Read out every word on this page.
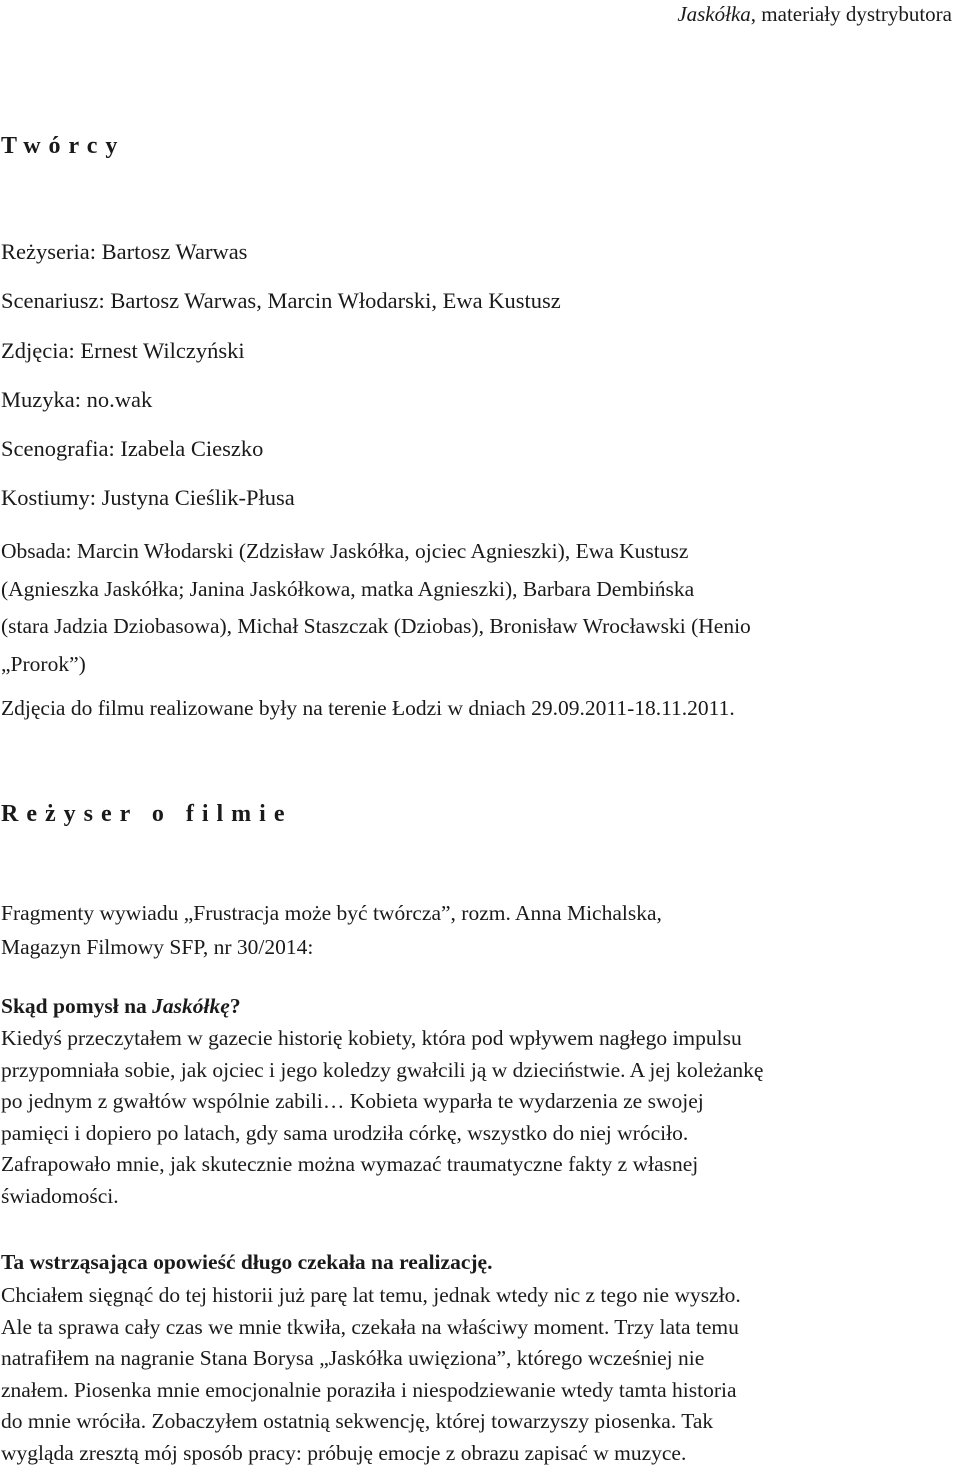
Jaskółka, materiały dystrybutora
Twórcy
Reżyseria: Bartosz Warwas
Scenariusz: Bartosz Warwas, Marcin Włodarski, Ewa Kustusz
Zdjęcia: Ernest Wilczyński
Muzyka: no.wak
Scenografia: Izabela Cieszko
Kostiumy: Justyna Cieślik-Płusa
Obsada: Marcin Włodarski (Zdzisław Jaskółka, ojciec Agnieszki), Ewa Kustusz
(Agnieszka Jaskółka; Janina Jaskółkowa, matka Agnieszki), Barbara Dembińska
(stara Jadzia Dziobasowa), Michał Staszczak (Dziobas), Bronisław Wrocławski (Henio
„Prorok”)
Zdjęcia do filmu realizowane były na terenie Łodzi w dniach 29.09.2011-18.11.2011.
Reżyser o filmie
Fragmenty wywiadu „Frustracja może być twórcza”, rozm. Anna Michalska,
Magazyn Filmowy SFP, nr 30/2014:
Skąd pomysł na Jaskółkę?
Kiedyś przeczytałem w gazecie historię kobiety, która pod wpływem nagłego impulsu
przypomniała sobie, jak ojciec i jego koledzy gwałcili ją w dzieciństwie. A jej koleżankę
po jednym z gwałtów wspólnie zabili… Kobieta wyparła te wydarzenia ze swojej
pamięci i dopiero po latach, gdy sama urodziła córkę, wszystko do niej wróciło.
Zafrapowało mnie, jak skutecznie można wymazać traumatyczne fakty z własnej
świadomości.
Ta wstrząsająca opowieść długo czekała na realizację.
Chciałem sięgnąć do tej historii już parę lat temu, jednak wtedy nic z tego nie wyszło.
Ale ta sprawa cały czas we mnie tkwiła, czekała na właściwy moment. Trzy lata temu
natrafiłem na nagranie Stana Borysa „Jaskółka uwięziona”, którego wcześniej nie
znałem. Piosenka mnie emocjonalnie poraziła i niespodziewanie wtedy tamta historia
do mnie wróciła. Zobaczyłem ostatnią sekwencję, której towarzyszy piosenka. Tak
wygląda zresztą mój sposób pracy: próbuję emocje z obrazu zapisać w muzyce.
